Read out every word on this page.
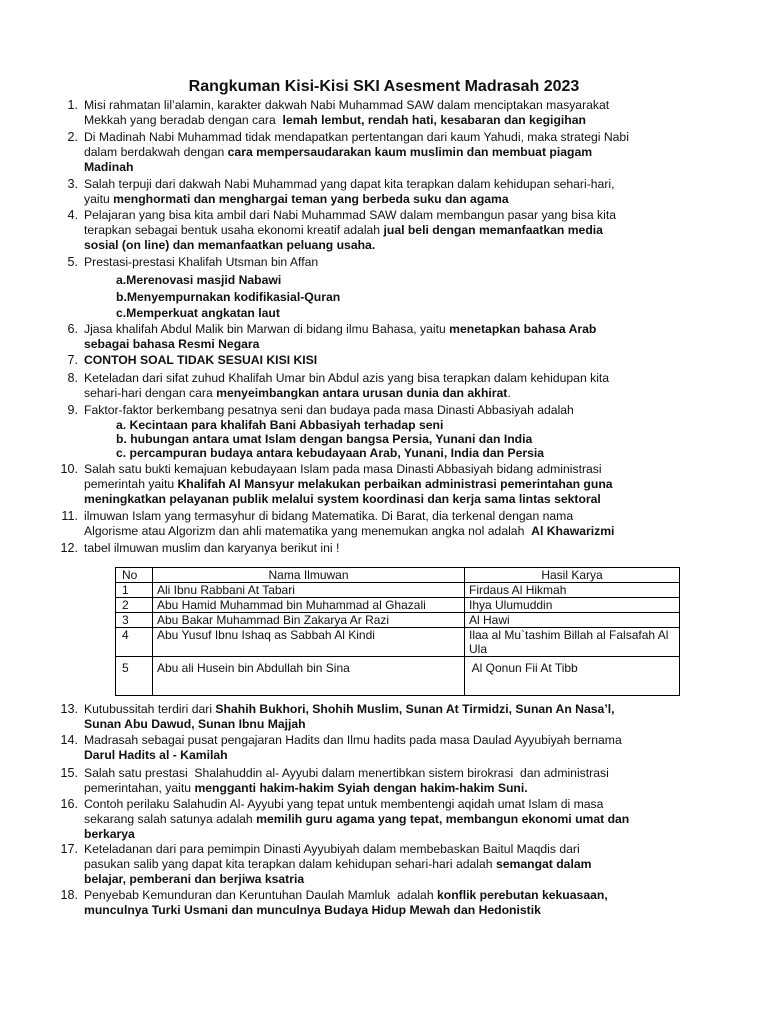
Rangkuman Kisi-Kisi SKI Asesment Madrasah 2023
1. Misi rahmatan lil’alamin, karakter dakwah Nabi Muhammad SAW dalam menciptakan masyarakat
Mekkah yang beradab dengan cara  lemah lembut, rendah hati, kesabaran dan kegigihan
2. Di Madinah Nabi Muhammad tidak mendapatkan pertentangan dari kaum Yahudi, maka strategi Nabi
dalam berdakwah dengan cara mempersaudarakan kaum muslimin dan membuat piagam
Madinah
3. Salah terpuji dari dakwah Nabi Muhammad yang dapat kita terapkan dalam kehidupan sehari-hari,
yaitu menghormati dan menghargai teman yang berbeda suku dan agama
4. Pelajaran yang bisa kita ambil dari Nabi Muhammad SAW dalam membangun pasar yang bisa kita
terapkan sebagai bentuk usaha ekonomi kreatif adalah jual beli dengan memanfaatkan media
sosial (on line) dan memanfaatkan peluang usaha.
5. Prestasi-prestasi Khalifah Utsman bin Affan
a.Merenovasi masjid Nabawi
b.Menyempurnakan kodifikasial-Quran
c.Memperkuat angkatan laut
6. Jjasa khalifah Abdul Malik bin Marwan di bidang ilmu Bahasa, yaitu menetapkan bahasa Arab
sebagai bahasa Resmi Negara
7. CONTOH SOAL TIDAK SESUAI KISI KISI
8. Keteladan dari sifat zuhud Khalifah Umar bin Abdul azis yang bisa terapkan dalam kehidupan kita
sehari-hari dengan cara menyeimbangkan antara urusan dunia dan akhirat.
9. Faktor-faktor berkembang pesatnya seni dan budaya pada masa Dinasti Abbasiyah adalah
a. Kecintaan para khalifah Bani Abbasiyah terhadap seni
b. hubungan antara umat Islam dengan bangsa Persia, Yunani dan India
c. percampuran budaya antara kebudayaan Arab, Yunani, India dan Persia
10. Salah satu bukti kemajuan kebudayaan Islam pada masa Dinasti Abbasiyah bidang administrasi
pemerintah yaitu Khalifah Al Mansyur melakukan perbaikan administrasi pemerintahan guna
meningkatkan pelayanan publik melalui system koordinasi dan kerja sama lintas sektoral
11. ilmuwan Islam yang termasyhur di bidang Matematika. Di Barat, dia terkenal dengan nama
Algorisme atau Algorizm dan ahli matematika yang menemukan angka nol adalah  Al Khawarizmi
12. tabel ilmuwan muslim dan karyanya berikut ini !
No	Nama Ilmuwan	Hasil Karya
1	Ali Ibnu Rabbani At Tabari	Firdaus Al Hikmah
2	Abu Hamid Muhammad bin Muhammad al Ghazali	Ihya Ulumuddin
3	Abu Bakar Muhammad Bin Zakarya Ar Razi	Al Hawi
4	Abu Yusuf Ibnu Ishaq as Sabbah Al Kindi	Ilaa al Mu`tashim Billah al Falsafah Al Ula
5	Abu ali Husein bin Abdullah bin Sina	Al Qonun Fii At Tibb
13. Kutubussitah terdiri dari Shahih Bukhori, Shohih Muslim, Sunan At Tirmidzi, Sunan An Nasa’l,
Sunan Abu Dawud, Sunan Ibnu Majjah
14. Madrasah sebagai pusat pengajaran Hadits dan Ilmu hadits pada masa Daulad Ayyubiyah bernama
Darul Hadits al - Kamilah
15. Salah satu prestasi  Shalahuddin al- Ayyubi dalam menertibkan sistem birokrasi  dan administrasi
pemerintahan, yaitu mengganti hakim-hakim Syiah dengan hakim-hakim Suni.
16. Contoh perilaku Salahudin Al- Ayyubi yang tepat untuk membentengi aqidah umat Islam di masa
sekarang salah satunya adalah memilih guru agama yang tepat, membangun ekonomi umat dan
berkarya
17. Keteladanan dari para pemimpin Dinasti Ayyubiyah dalam membebaskan Baitul Maqdis dari
pasukan salib yang dapat kita terapkan dalam kehidupan sehari-hari adalah semangat dalam
belajar, pemberani dan berjiwa ksatria
18. Penyebab Kemunduran dan Keruntuhan Daulah Mamluk  adalah konflik perebutan kekuasaan,
munculnya Turki Usmani dan munculnya Budaya Hidup Mewah dan Hedonistik
